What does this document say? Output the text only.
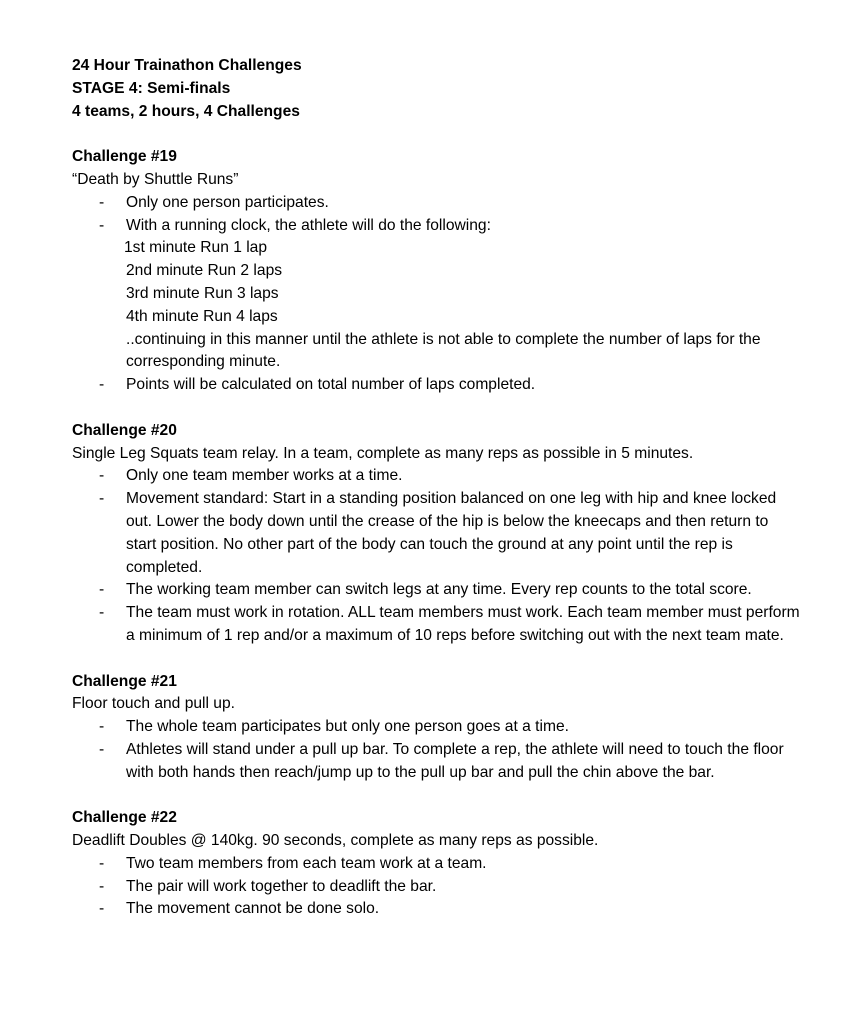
24 Hour Trainathon Challenges
STAGE 4: Semi-finals
4 teams, 2 hours, 4 Challenges
Challenge #19
“Death by Shuttle Runs”
- Only one person participates.
- With a running clock, the athlete will do the following:
1st minute Run 1 lap
2nd minute Run 2 laps
3rd minute Run 3 laps
4th minute Run 4 laps
..continuing in this manner until the athlete is not able to complete the number of laps for the corresponding minute.
- Points will be calculated on total number of laps completed.
Challenge #20
Single Leg Squats team relay. In a team, complete as many reps as possible in 5 minutes.
- Only one team member works at a time.
- Movement standard: Start in a standing position balanced on one leg with hip and knee locked out. Lower the body down until the crease of the hip is below the kneecaps and then return to start position. No other part of the body can touch the ground at any point until the rep is completed.
- The working team member can switch legs at any time. Every rep counts to the total score.
- The team must work in rotation. ALL team members must work. Each team member must perform a minimum of 1 rep and/or a maximum of 10 reps before switching out with the next team mate.
Challenge #21
Floor touch and pull up.
- The whole team participates but only one person goes at a time.
- Athletes will stand under a pull up bar. To complete a rep, the athlete will need to touch the floor with both hands then reach/jump up to the pull up bar and pull the chin above the bar.
Challenge #22
Deadlift Doubles @ 140kg. 90 seconds, complete as many reps as possible.
- Two team members from each team work at a team.
- The pair will work together to deadlift the bar.
- The movement cannot be done solo.
